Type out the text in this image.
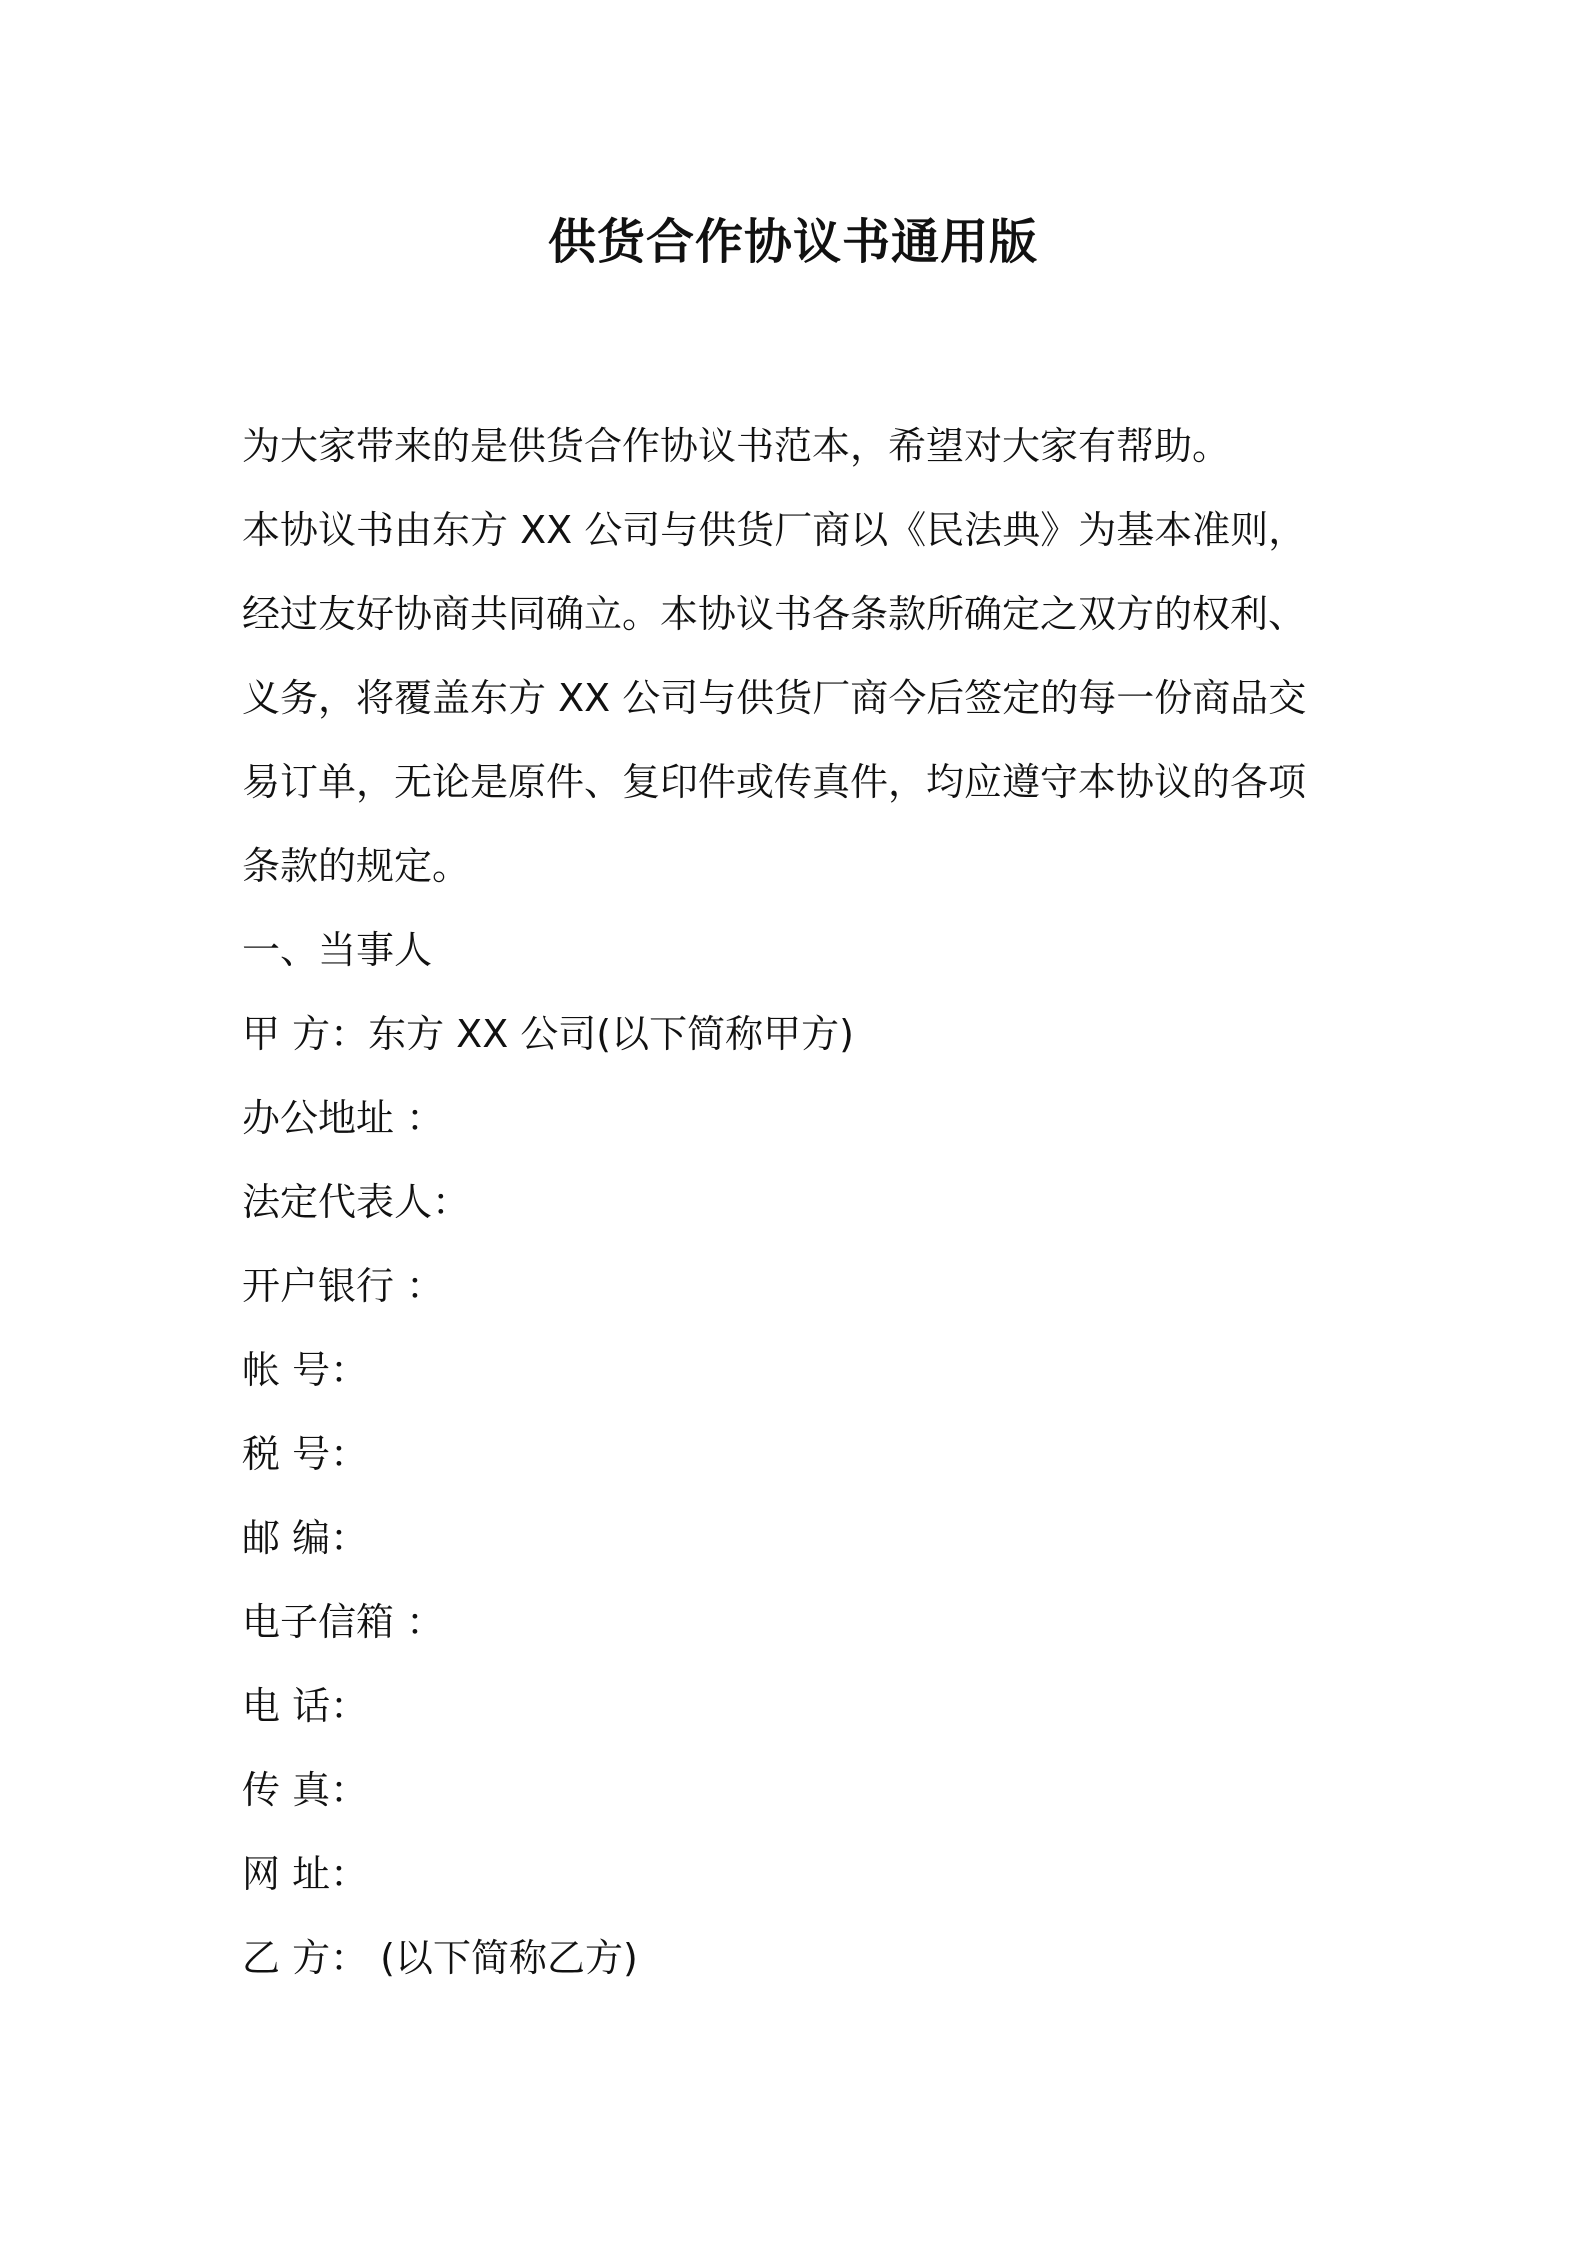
供货合作协议书通用版
为大家带来的是供货合作协议书范本，希望对大家有帮助。
本协议书由东方 XX 公司与供货厂商以《民法典》为基本准则，
经过友好协商共同确立。本协议书各条款所确定之双方的权利、
义务，将覆盖东方 XX 公司与供货厂商今后签定的每一份商品交
易订单，无论是原件、复印件或传真件，均应遵守本协议的各项
条款的规定。
一、当事人
甲 方：东方 XX 公司(以下简称甲方)
办公地址 ：
法定代表人：
开户银行 ：
帐 号：
税 号：
邮 编：
电子信箱 ：
电 话：
传 真：
网 址：
乙 方： (以下简称乙方)
